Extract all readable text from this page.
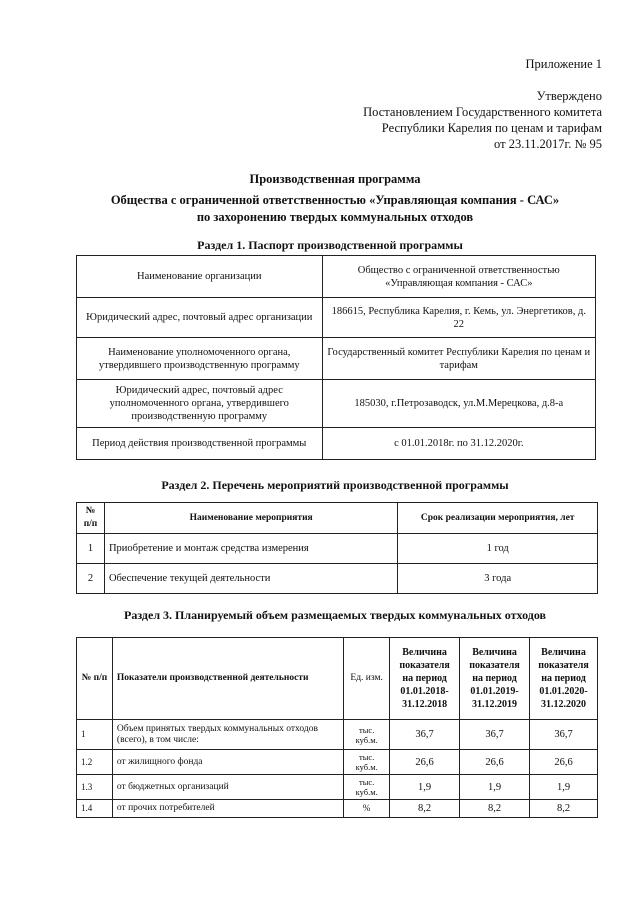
Приложение 1
Утверждено
Постановлением Государственного комитета
Республики Карелия по ценам и тарифам
от 23.11.2017г. № 95
Производственная программа
Общества с ограниченной ответственностью «Управляющая компания - САС»
по захоронению твердых коммунальных отходов
Раздел 1. Паспорт производственной программы
Наименование организации	Общество с ограниченной ответственностью «Управляющая компания - САС»
Юридический адрес, почтовый адрес организации	186615, Республика Карелия, г. Кемь, ул. Энергетиков, д. 22
Наименование уполномоченного органа, утвердившего производственную программу	Государственный комитет Республики Карелия по ценам и тарифам
Юридический адрес, почтовый адрес уполномоченного органа, утвердившего производственную программу	185030, г.Петрозаводск, ул.М.Мерецкова, д.8-а
Период действия производственной программы	с 01.01.2018г. по 31.12.2020г.
Раздел 2. Перечень мероприятий производственной программы
№ п/п	Наименование мероприятия	Срок реализации мероприятия, лет
1	Приобретение и монтаж средства измерения	1 год
2	Обеспечение текущей деятельности	3 года
Раздел 3. Планируемый объем размещаемых твердых коммунальных отходов
№ п/п	Показатели производственной деятельности	Ед. изм.	Величина показателя на период 01.01.2018-31.12.2018	Величина показателя на период 01.01.2019-31.12.2019	Величина показателя на период 01.01.2020-31.12.2020
1	Объем принятых твердых коммунальных отходов (всего), в том числе:	тыс. куб.м.	36,7	36,7	36,7
1.2	от жилищного фонда	тыс. куб.м.	26,6	26,6	26,6
1.3	от бюджетных организаций	тыс. куб.м.	1,9	1,9	1,9
1.4	от прочих потребителей	%	8,2	8,2	8,2
